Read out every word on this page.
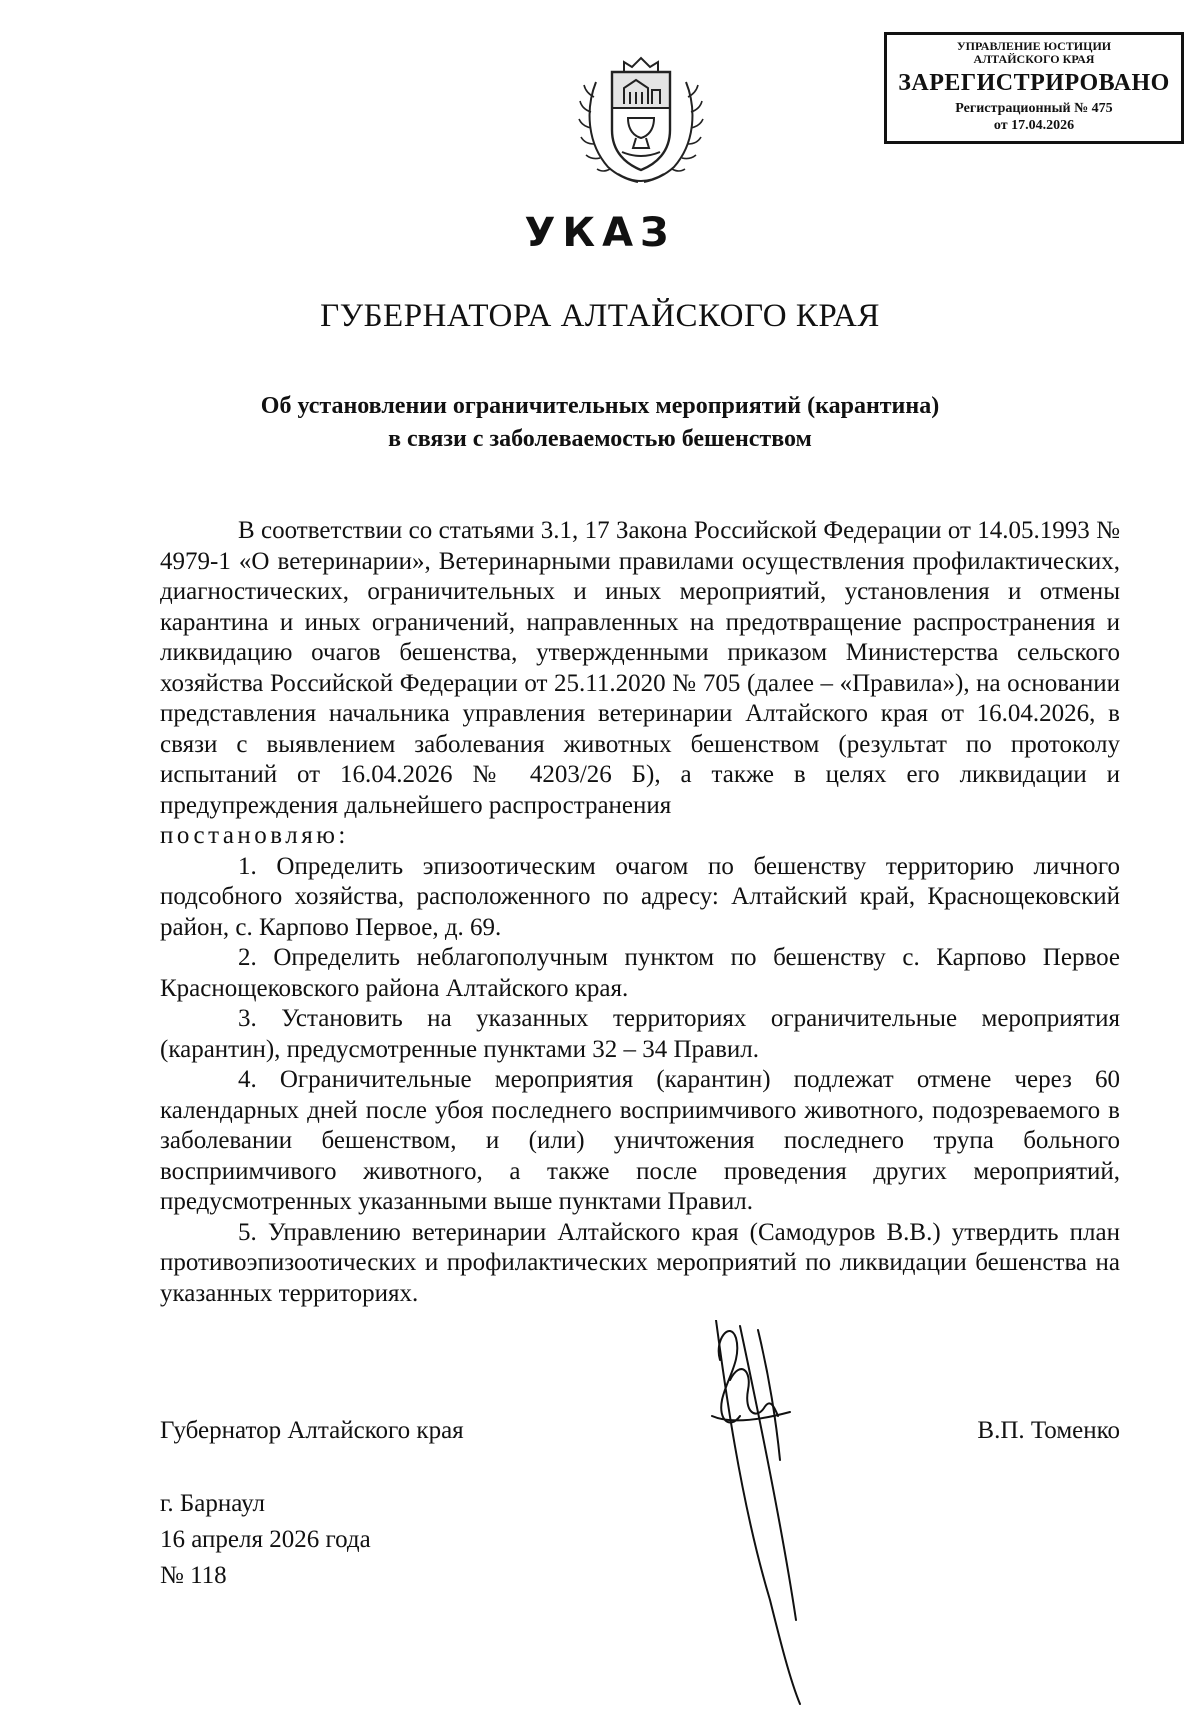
УПРАВЛЕНИЕ ЮСТИЦИИ
АЛТАЙСКОГО КРАЯ
ЗАРЕГИСТРИРОВАНО
Регистрационный № 475
от 17.04.2026
УКАЗ
ГУБЕРНАТОРА АЛТАЙСКОГО КРАЯ
Об установлении ограничительных мероприятий (карантина)
в связи с заболеваемостью бешенством

В соответствии со статьями 3.1, 17 Закона Российской Федерации от 14.05.1993 № 4979-1 «О ветеринарии», Ветеринарными правилами осуществления профилактических, диагностических, ограничительных и иных мероприятий, установления и отмены карантина и иных ограничений, направленных на предотвращение распространения и ликвидацию очагов бешенства, утвержденными приказом Министерства сельского хозяйства Российской Федерации от 25.11.2020 № 705 (далее – «Правила»), на основании представления начальника управления ветеринарии Алтайского края от 16.04.2026, в связи с выявлением заболевания животных бешенством (результат по протоколу испытаний от 16.04.2026 № 4203/26 Б), а также в целях его ликвидации и предупреждения дальнейшего распространения

постановляю:

1. Определить эпизоотическим очагом по бешенству территорию личного подсобного хозяйства, расположенного по адресу: Алтайский край, Краснощековский район, с. Карпово Первое, д. 69.

2. Определить неблагополучным пунктом по бешенству с. Карпово Первое Краснощековского района Алтайского края.

3. Установить на указанных территориях ограничительные мероприятия (карантин), предусмотренные пунктами 32 – 34 Правил.

4. Ограничительные мероприятия (карантин) подлежат отмене через 60 календарных дней после убоя последнего восприимчивого животного, подозреваемого в заболевании бешенством, и (или) уничтожения последнего трупа больного восприимчивого животного, а также после проведения других мероприятий, предусмотренных указанными выше пунктами Правил.

5. Управлению ветеринарии Алтайского края (Самодуров В.В.) утвердить план противоэпизоотических и профилактических мероприятий по ликвидации бешенства на указанных территориях.

Губернатор Алтайского края	В.П. Томенко
г. Барнаул
16 апреля 2026 года
№ 118
